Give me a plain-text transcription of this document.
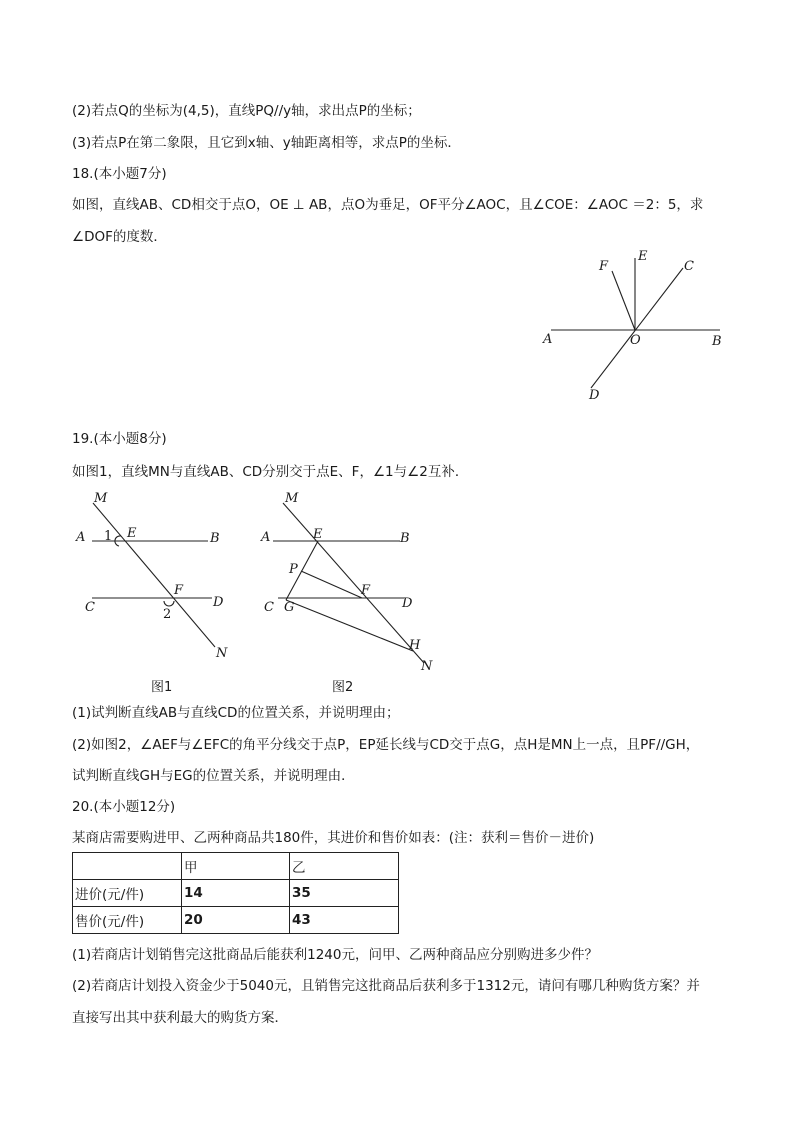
(2)若点Q的坐标为(4,5)，直线PQ//y轴，求出点P的坐标；
(3)若点P在第二象限，且它到x轴、y轴距离相等，求点P的坐标．
18.(本小题7分)
如图，直线AB、CD相交于点O，OE ⊥ AB，点O为垂足，OF平分∠AOC，且∠COE：∠AOC ＝2：5，求
∠DOF的度数．
A	B
C
D
E
F
O
19.(本小题8分)
如图1，直线MN与直线AB、CD分别交于点E、F，∠1与∠2互补．
M
A 1 E	B
F
C	2
D
N
图1
M
A	E	B
P
F
C G	D
H
N
图2
(1)试判断直线AB与直线CD的位置关系，并说明理由；
(2)如图2，∠AEF与∠EFC的角平分线交于点P，EP延长线与CD交于点G，点H是MN上一点，且PF//GH，
试判断直线GH与EG的位置关系，并说明理由．
20.(本小题12分)
某商店需要购进甲、乙两种商品共180件，其进价和售价如表：(注：获利＝售价－进价)
	甲	乙
进价(元/件)	14	35
售价(元/件)	20	43
(1)若商店计划销售完这批商品后能获利1240元，问甲、乙两种商品应分别购进多少件？
(2)若商店计划投入资金少于5040元，且销售完这批商品后获利多于1312元，请问有哪几种购货方案？并
直接写出其中获利最大的购货方案．
